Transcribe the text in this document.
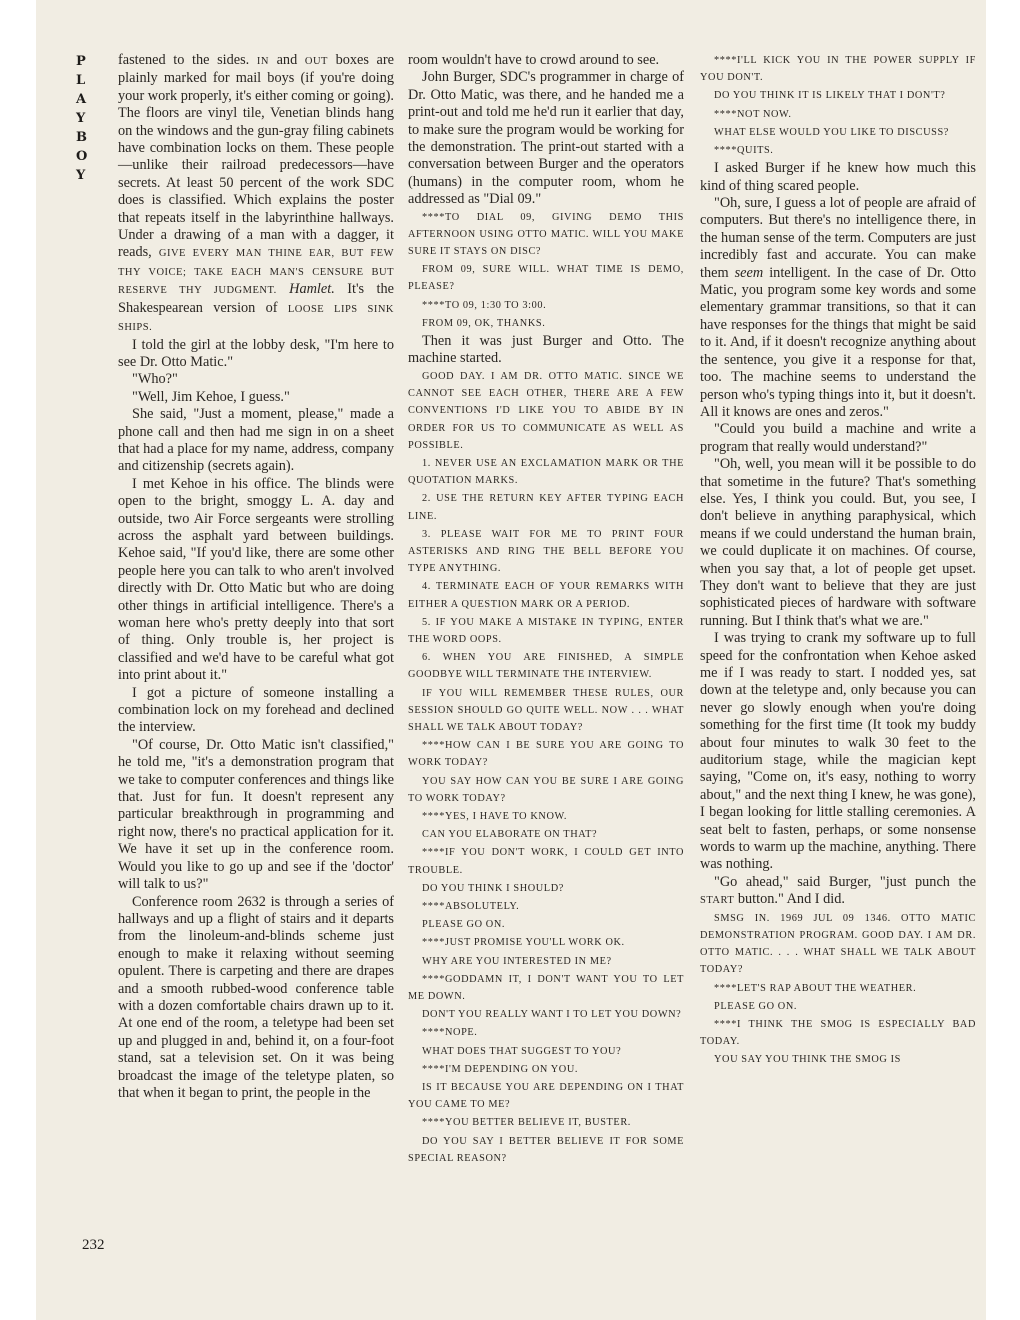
P
L
A
Y
B
O
Y

fastened to the sides. IN and OUT boxes are plainly marked for mail boys (if you're doing your work properly, it's either coming or going). The floors are vinyl tile, Venetian blinds hang on the windows and the gun-gray filing cabinets have combination locks on them. These people—unlike their railroad predecessors—have secrets. At least 50 percent of the work SDC does is classified. Which explains the poster that repeats itself in the labyrinthine hallways. Under a drawing of a man with a dagger, it reads, GIVE EVERY MAN THINE EAR, BUT FEW THY VOICE; TAKE EACH MAN'S CENSURE BUT RESERVE THY JUDGMENT. Hamlet. It's the Shakespearean version of LOOSE LIPS SINK SHIPS.

I told the girl at the lobby desk, "I'm here to see Dr. Otto Matic."

"Who?"

"Well, Jim Kehoe, I guess."

She said, "Just a moment, please," made a phone call and then had me sign in on a sheet that had a place for my name, address, company and citizenship (secrets again).

I met Kehoe in his office. The blinds were open to the bright, smoggy L. A. day and outside, two Air Force sergeants were strolling across the asphalt yard between buildings. Kehoe said, "If you'd like, there are some other people here you can talk to who aren't involved directly with Dr. Otto Matic but who are doing other things in artificial intelligence. There's a woman here who's pretty deeply into that sort of thing. Only trouble is, her project is classified and we'd have to be careful what got into print about it."

I got a picture of someone installing a combination lock on my forehead and declined the interview.

"Of course, Dr. Otto Matic isn't classified," he told me, "it's a demonstration program that we take to computer conferences and things like that. Just for fun. It doesn't represent any particular breakthrough in programming and right now, there's no practical application for it. We have it set up in the conference room. Would you like to go up and see if the 'doctor' will talk to us?"

Conference room 2632 is through a series of hallways and up a flight of stairs and it departs from the linoleum-and-blinds scheme just enough to make it relaxing without seeming opulent. There is carpeting and there are drapes and a smooth rubbed-wood conference table with a dozen comfortable chairs drawn up to it. At one end of the room, a teletype had been set up and plugged in and, behind it, on a four-foot stand, sat a television set. On it was being broadcast the image of the teletype platen, so that when it began to print, the people in the

room wouldn't have to crowd around to see.

John Burger, SDC's programmer in charge of Dr. Otto Matic, was there, and he handed me a print-out and told me he'd run it earlier that day, to make sure the program would be working for the demonstration. The print-out started with a conversation between Burger and the operators (humans) in the computer room, whom he addressed as "Dial 09."

****TO DIAL 09, GIVING DEMO THIS AFTERNOON USING OTTO MATIC. WILL YOU MAKE SURE IT STAYS ON DISC?

FROM 09, SURE WILL. WHAT TIME IS DEMO, PLEASE?

****TO 09, 1:30 TO 3:00.

FROM 09, OK, THANKS.

Then it was just Burger and Otto. The machine started.

GOOD DAY. I AM DR. OTTO MATIC. SINCE WE CANNOT SEE EACH OTHER, THERE ARE A FEW CONVENTIONS I'D LIKE YOU TO ABIDE BY IN ORDER FOR US TO COMMUNICATE AS WELL AS POSSIBLE.

1. NEVER USE AN EXCLAMATION MARK OR THE QUOTATION MARKS.

2. USE THE RETURN KEY AFTER TYPING EACH LINE.

3. PLEASE WAIT FOR ME TO PRINT FOUR ASTERISKS AND RING THE BELL BEFORE YOU TYPE ANYTHING.

4. TERMINATE EACH OF YOUR REMARKS WITH EITHER A QUESTION MARK OR A PERIOD.

5. IF YOU MAKE A MISTAKE IN TYPING, ENTER THE WORD OOPS.

6. WHEN YOU ARE FINISHED, A SIMPLE GOODBYE WILL TERMINATE THE INTERVIEW.

IF YOU WILL REMEMBER THESE RULES, OUR SESSION SHOULD GO QUITE WELL. NOW . . . WHAT SHALL WE TALK ABOUT TODAY?

****HOW CAN I BE SURE YOU ARE GOING TO WORK TODAY?

YOU SAY HOW CAN YOU BE SURE I ARE GOING TO WORK TODAY?

****YES, I HAVE TO KNOW.

CAN YOU ELABORATE ON THAT?

****IF YOU DON'T WORK, I COULD GET INTO TROUBLE.

DO YOU THINK I SHOULD?

****ABSOLUTELY.

PLEASE GO ON.

****JUST PROMISE YOU'LL WORK OK.

WHY ARE YOU INTERESTED IN ME?

****GODDAMN IT, I DON'T WANT YOU TO LET ME DOWN.

DON'T YOU REALLY WANT I TO LET YOU DOWN?

****NOPE.

WHAT DOES THAT SUGGEST TO YOU?

****I'M DEPENDING ON YOU.

IS IT BECAUSE YOU ARE DEPENDING ON I THAT YOU CAME TO ME?

****YOU BETTER BELIEVE IT, BUSTER.

DO YOU SAY I BETTER BELIEVE IT FOR SOME SPECIAL REASON?

****I'LL KICK YOU IN THE POWER SUPPLY IF YOU DON'T.

DO YOU THINK IT IS LIKELY THAT I DON'T?

****NOT NOW.

WHAT ELSE WOULD YOU LIKE TO DISCUSS?

****QUITS.

I asked Burger if he knew how much this kind of thing scared people.

"Oh, sure, I guess a lot of people are afraid of computers. But there's no intelligence there, in the human sense of the term. Computers are just incredibly fast and accurate. You can make them seem intelligent. In the case of Dr. Otto Matic, you program some key words and some elementary grammar transitions, so that it can have responses for the things that might be said to it. And, if it doesn't recognize anything about the sentence, you give it a response for that, too. The machine seems to understand the person who's typing things into it, but it doesn't. All it knows are ones and zeros."

"Could you build a machine and write a program that really would understand?"

"Oh, well, you mean will it be possible to do that sometime in the future? That's something else. Yes, I think you could. But, you see, I don't believe in anything paraphysical, which means if we could understand the human brain, we could duplicate it on machines. Of course, when you say that, a lot of people get upset. They don't want to believe that they are just sophisticated pieces of hardware with software running. But I think that's what we are."

I was trying to crank my software up to full speed for the confrontation when Kehoe asked me if I was ready to start. I nodded yes, sat down at the teletype and, only because you can never go slowly enough when you're doing something for the first time (It took my buddy about four minutes to walk 30 feet to the auditorium stage, while the magician kept saying, "Come on, it's easy, nothing to worry about," and the next thing I knew, he was gone), I began looking for little stalling ceremonies. A seat belt to fasten, perhaps, or some nonsense words to warm up the machine, anything. There was nothing.

"Go ahead," said Burger, "just punch the START button." And I did.

SMSG IN. 1969 JUL 09 1346. OTTO MATIC DEMONSTRATION PROGRAM. GOOD DAY. I AM DR. OTTO MATIC. . . . WHAT SHALL WE TALK ABOUT TODAY?

****LET'S RAP ABOUT THE WEATHER.

PLEASE GO ON.

****I THINK THE SMOG IS ESPECIALLY BAD TODAY.

YOU SAY YOU THINK THE SMOG IS

232
